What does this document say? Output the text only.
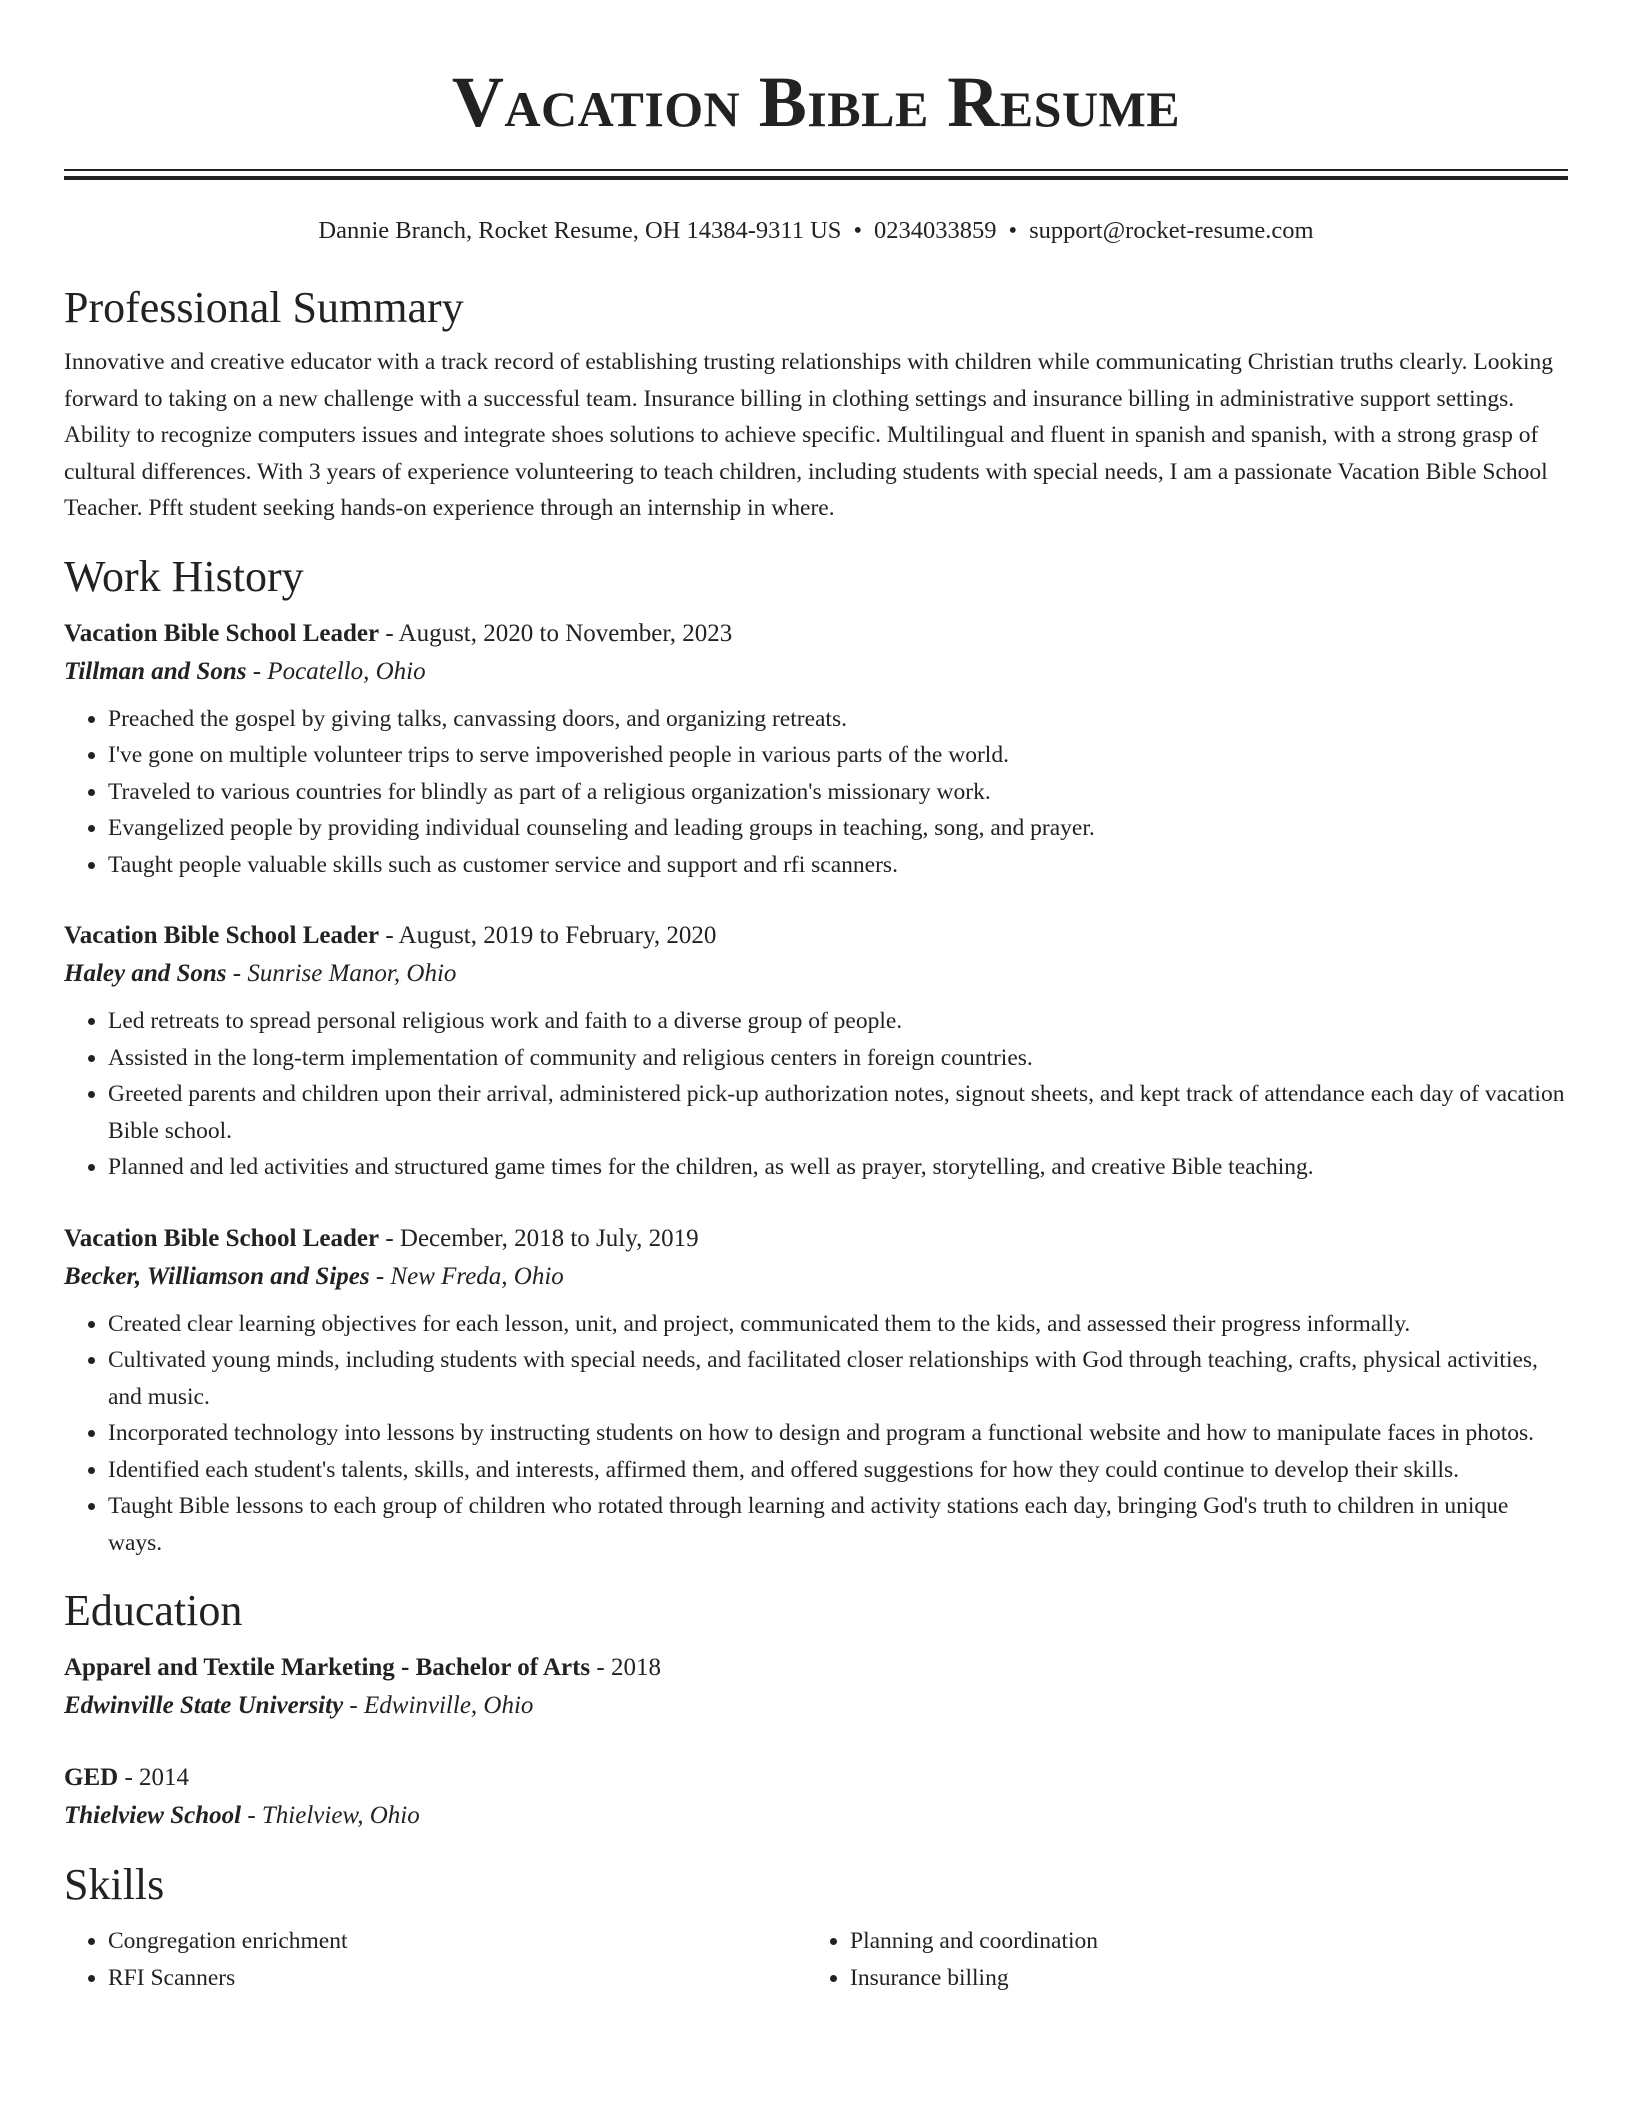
Vacation Bible Resume
Dannie Branch, Rocket Resume, OH 14384-9311 US • 0234033859 • support@rocket-resume.com
Professional Summary

Innovative and creative educator with a track record of establishing trusting relationships with children while communicating Christian truths clearly. Looking forward to taking on a new challenge with a successful team. Insurance billing in clothing settings and insurance billing in administrative support settings. Ability to recognize computers issues and integrate shoes solutions to achieve specific. Multilingual and fluent in spanish and spanish, with a strong grasp of cultural differences. With 3 years of experience volunteering to teach children, including students with special needs, I am a passionate Vacation Bible School Teacher. Pfft student seeking hands-on experience through an internship in where.

Work History

Vacation Bible School Leader - August, 2020 to November, 2023

Tillman and Sons - Pocatello, Ohio

• Preached the gospel by giving talks, canvassing doors, and organizing retreats.
• I've gone on multiple volunteer trips to serve impoverished people in various parts of the world.
• Traveled to various countries for blindly as part of a religious organization's missionary work.
• Evangelized people by providing individual counseling and leading groups in teaching, song, and prayer.
• Taught people valuable skills such as customer service and support and rfi scanners.

Vacation Bible School Leader - August, 2019 to February, 2020

Haley and Sons - Sunrise Manor, Ohio

• Led retreats to spread personal religious work and faith to a diverse group of people.
• Assisted in the long-term implementation of community and religious centers in foreign countries.
• Greeted parents and children upon their arrival, administered pick-up authorization notes, signout sheets, and kept track of attendance each day of vacation Bible school.
• Planned and led activities and structured game times for the children, as well as prayer, storytelling, and creative Bible teaching.

Vacation Bible School Leader - December, 2018 to July, 2019

Becker, Williamson and Sipes - New Freda, Ohio

• Created clear learning objectives for each lesson, unit, and project, communicated them to the kids, and assessed their progress informally.
• Cultivated young minds, including students with special needs, and facilitated closer relationships with God through teaching, crafts, physical activities, and music.
• Incorporated technology into lessons by instructing students on how to design and program a functional website and how to manipulate faces in photos.
• Identified each student's talents, skills, and interests, affirmed them, and offered suggestions for how they could continue to develop their skills.
• Taught Bible lessons to each group of children who rotated through learning and activity stations each day, bringing God's truth to children in unique ways.
Education

Apparel and Textile Marketing - Bachelor of Arts - 2018

Edwinville State University - Edwinville, Ohio

GED - 2014

Thielview School - Thielview, Ohio

Skills
• Congregation enrichment
• RFI Scanners
• Planning and coordination
• Insurance billing
